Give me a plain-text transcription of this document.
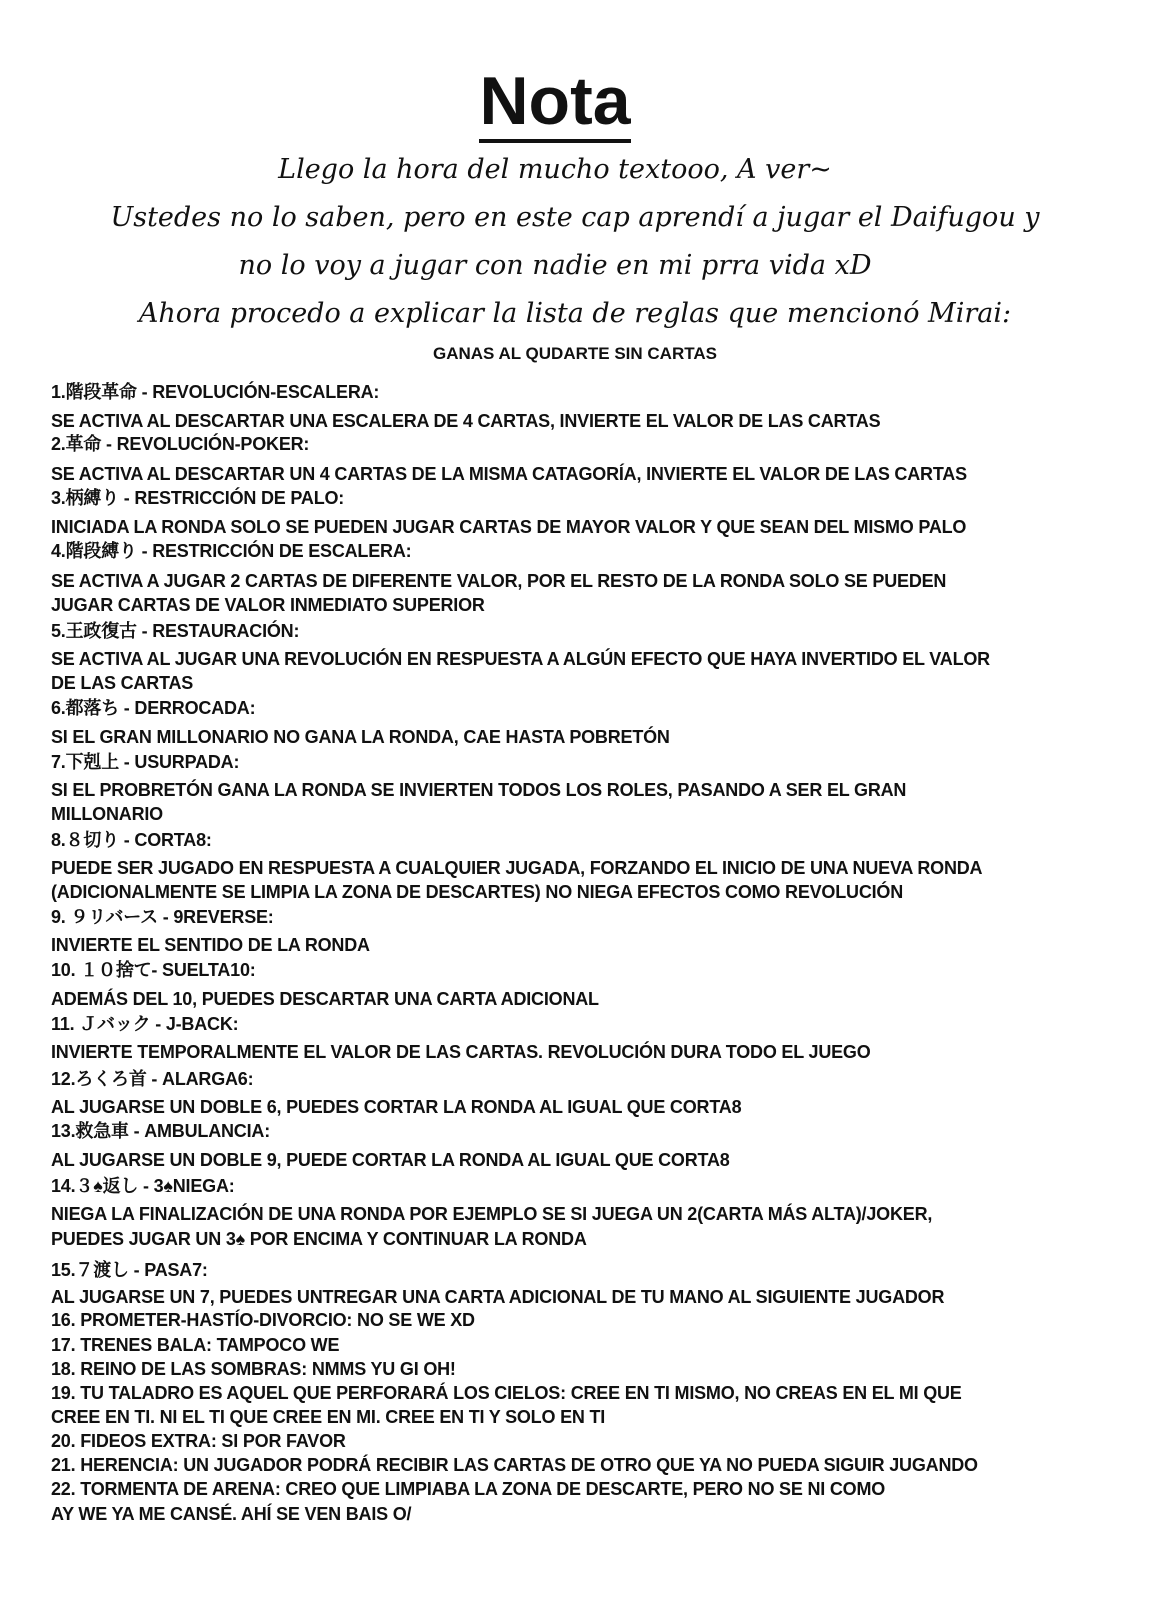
Nota
Llego la hora del mucho textooo, A ver~
Ustedes no lo saben, pero en este cap aprendí a jugar el Daifugou y
no lo voy a jugar con nadie en mi prra vida xD
Ahora procedo a explicar la lista de reglas que mencionó Mirai:
GANAS AL QUDARTE SIN CARTAS
1.階段革命 - REVOLUCIÓN-ESCALERA:
SE ACTIVA AL DESCARTAR UNA ESCALERA DE 4 CARTAS, INVIERTE EL VALOR DE LAS CARTAS
2.革命 - REVOLUCIÓN-POKER:
SE ACTIVA AL DESCARTAR UN 4 CARTAS DE LA MISMA CATAGORÍA, INVIERTE EL VALOR DE LAS CARTAS
3.柄縛り - RESTRICCIÓN DE PALO:
INICIADA LA RONDA SOLO SE PUEDEN JUGAR CARTAS DE MAYOR VALOR Y QUE SEAN DEL MISMO PALO
4.階段縛り - RESTRICCIÓN DE ESCALERA:
SE ACTIVA A JUGAR 2 CARTAS DE DIFERENTE VALOR, POR EL RESTO DE LA RONDA SOLO SE PUEDEN
JUGAR CARTAS DE VALOR INMEDIATO SUPERIOR
5.王政復古 - RESTAURACIÓN:
SE ACTIVA AL JUGAR UNA REVOLUCIÓN EN RESPUESTA A ALGÚN EFECTO QUE HAYA INVERTIDO EL VALOR
DE LAS CARTAS
6.都落ち - DERROCADA:
SI EL GRAN MILLONARIO NO GANA LA RONDA, CAE HASTA POBRETÓN
7.下剋上 - USURPADA:
SI EL PROBRETÓN GANA LA RONDA SE INVIERTEN TODOS LOS ROLES, PASANDO A SER EL GRAN
MILLONARIO
8.８切り - CORTA8:
PUEDE SER JUGADO EN RESPUESTA A CUALQUIER JUGADA, FORZANDO EL INICIO DE UNA NUEVA RONDA
(ADICIONALMENTE SE LIMPIA LA ZONA DE DESCARTES) NO NIEGA EFECTOS COMO REVOLUCIÓN
9. ９リバース - 9REVERSE:
INVIERTE EL SENTIDO DE LA RONDA
10. １０捨て- SUELTA10:
ADEMÁS DEL 10, PUEDES DESCARTAR UNA CARTA ADICIONAL
11. Ｊバック - J-BACK:
INVIERTE TEMPORALMENTE EL VALOR DE LAS CARTAS. REVOLUCIÓN DURA TODO EL JUEGO
12.ろくろ首 - ALARGA6:
AL JUGARSE UN DOBLE 6, PUEDES CORTAR LA RONDA AL IGUAL QUE CORTA8
13.救急車 - AMBULANCIA:
AL JUGARSE UN DOBLE 9, PUEDE CORTAR LA RONDA AL IGUAL QUE CORTA8
14.３♠返し - 3♠NIEGA:
NIEGA LA FINALIZACIÓN DE UNA RONDA POR EJEMPLO SE SI JUEGA UN 2(CARTA MÁS ALTA)/JOKER,
PUEDES JUGAR UN 3♠ POR ENCIMA Y CONTINUAR LA RONDA
15.７渡し - PASA7:
AL JUGARSE UN 7, PUEDES UNTREGAR UNA CARTA ADICIONAL DE TU MANO AL SIGUIENTE JUGADOR
16. PROMETER-HASTÍO-DIVORCIO: NO SE WE XD
17. TRENES BALA: TAMPOCO WE
18. REINO DE LAS SOMBRAS: NMMS YU GI OH!
19. TU TALADRO ES AQUEL QUE PERFORARÁ LOS CIELOS: CREE EN TI MISMO, NO CREAS EN EL MI QUE
CREE EN TI. NI EL TI QUE CREE EN MI. CREE EN TI Y SOLO EN TI
20. FIDEOS EXTRA: SI POR FAVOR
21. HERENCIA: UN JUGADOR PODRÁ RECIBIR LAS CARTAS DE OTRO QUE YA NO PUEDA SIGUIR JUGANDO
22. TORMENTA DE ARENA: CREO QUE LIMPIABA LA ZONA DE DESCARTE, PERO NO SE NI COMO
AY WE YA ME CANSÉ. AHÍ SE VEN BAIS O/
